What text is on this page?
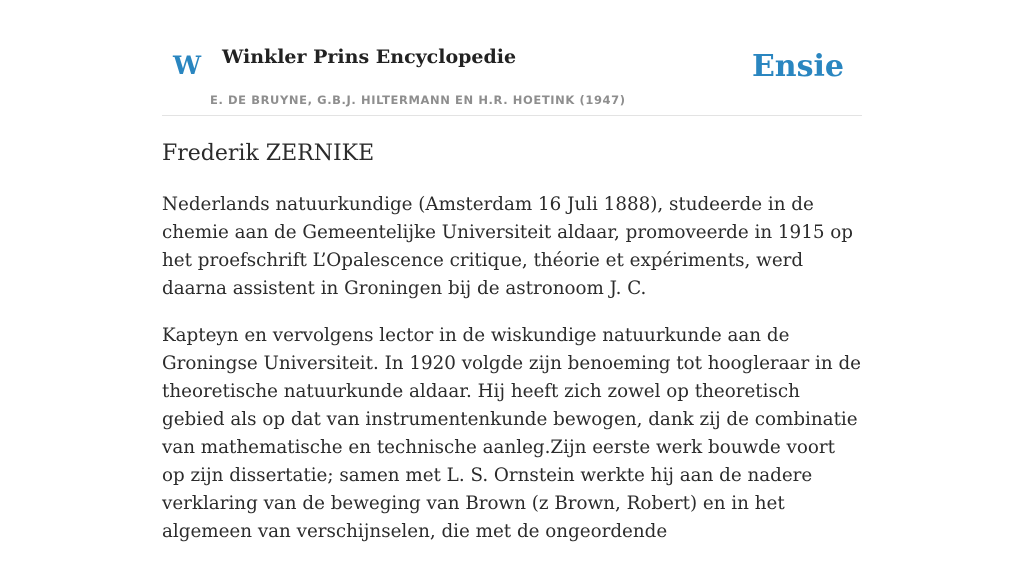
W Winkler Prins Encyclopedie

E. DE BRUYNE, G.B.J. HILTERMANN EN H.R. HOETINK (1947)

Ensie
Frederik ZERNIKE

Nederlands natuurkundige (Amsterdam 16 Juli 1888), studeerde in de chemie aan de Gemeentelijke Universiteit aldaar, promoveerde in 1915 op het proefschrift L’Opalescence critique, théorie et expériments, werd daarna assistent in Groningen bij de astronoom J. C.

Kapteyn en vervolgens lector in de wiskundige natuurkunde aan de Groningse Universiteit. In 1920 volgde zijn benoeming tot hoogleraar in de theoretische natuurkunde aldaar. Hij heeft zich zowel op theoretisch gebied als op dat van instrumentenkunde bewogen, dank zij de combinatie van mathematische en technische aanleg.Zijn eerste werk bouwde voort op zijn dissertatie; samen met L. S. Ornstein werkte hij aan de nadere verklaring van de beweging van Brown (z Brown, Robert) en in het algemeen van verschijnselen, die met de ongeordende
